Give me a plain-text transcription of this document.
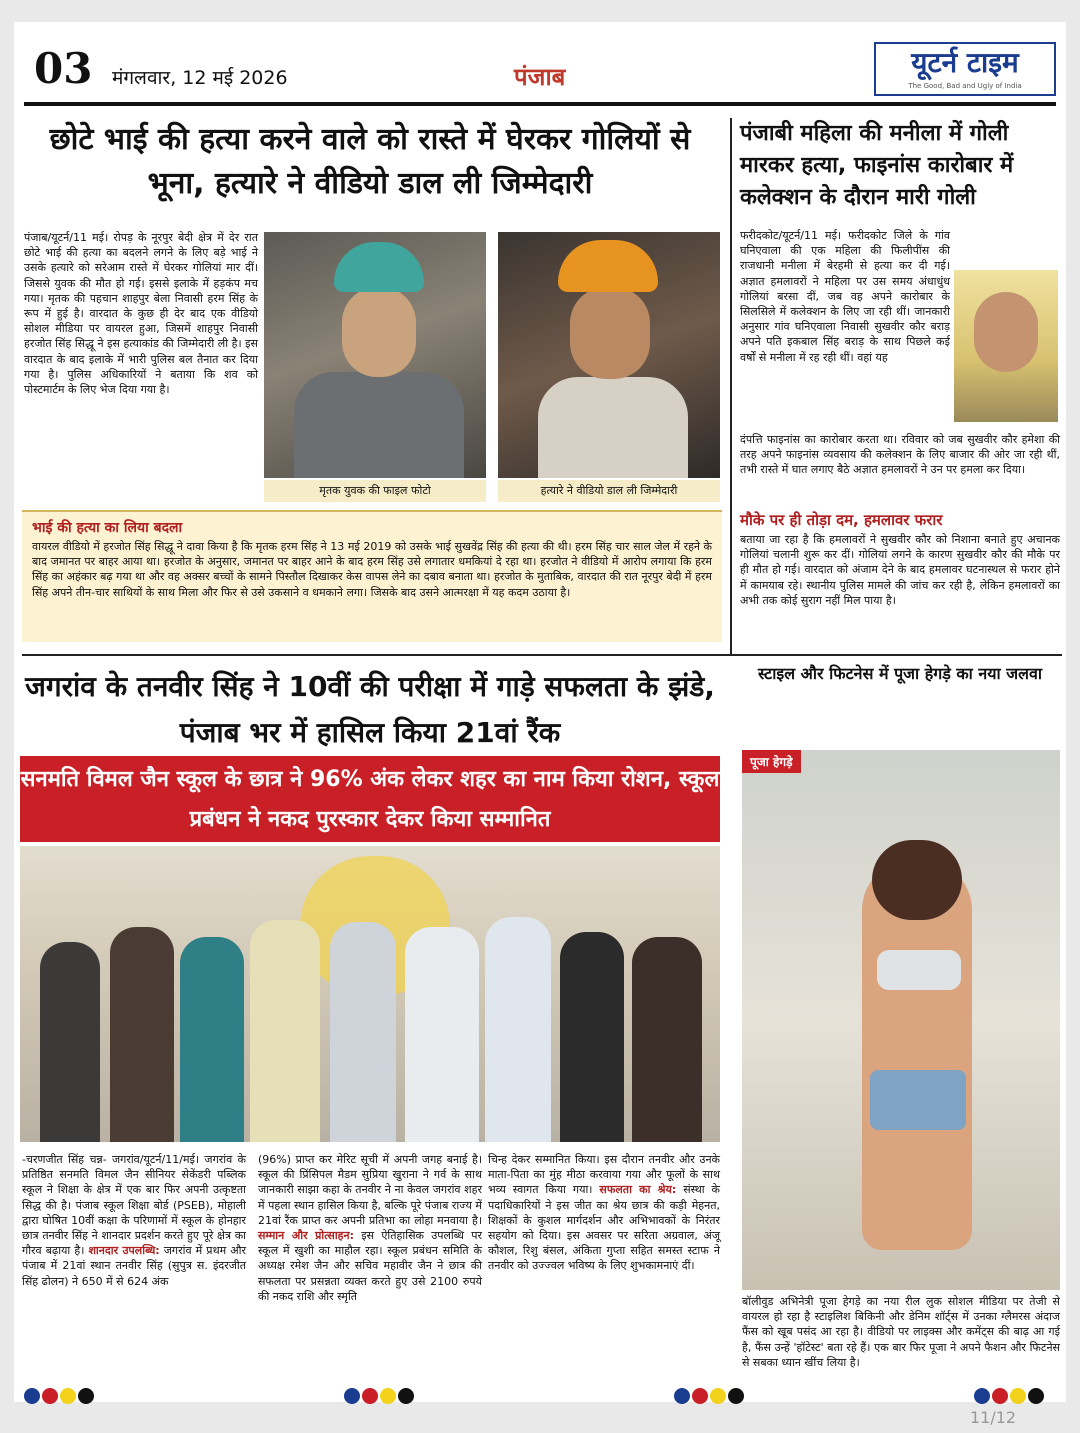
03 मंगलवार, 12 मई 2026	पंजाब	यूटर्न टाइम
The Good, Bad and Ugly of India
छोटे भाई की हत्या करने वाले को रास्ते में घेरकर गोलियों से भूना, हत्यारे ने वीडियो डाल ली जिम्मेदारी
पंजाब/यूटर्न/11 मई। रोपड़ के नूरपुर बेदी क्षेत्र में देर रात छोटे भाई की हत्या का बदलने लगने के लिए बड़े भाई ने उसके हत्यारे को सरेआम रास्ते में घेरकर गोलियां मार दीं। जिससे युवक की मौत हो गई। इससे इलाके में हड़कंप मच गया। मृतक की पहचान शाहपुर बेला निवासी हरम सिंह के रूप में हुई है। वारदात के कुछ ही देर बाद एक वीडियो सोशल मीडिया पर वायरल हुआ, जिसमें शाहपुर निवासी हरजोत सिंह सिद्धू ने इस हत्याकांड की जिम्मेदारी ली है। इस वारदात के बाद इलाके में भारी पुलिस बल तैनात कर दिया गया है। पुलिस अधिकारियों ने बताया कि शव को पोस्टमार्टम के लिए भेज दिया गया है।
मृतक युवक की फाइल फोटो	हत्यारे ने वीडियो डाल ली जिम्मेदारी
भाई की हत्या का लिया बदला
वायरल वीडियो में हरजोत सिंह सिद्धू ने दावा किया है कि मृतक हरम सिंह ने 13 मई 2019 को उसके भाई सुखवेंद्र सिंह की हत्या की थी। हरम सिंह चार साल जेल में रहने के बाद जमानत पर बाहर आया था। हरजोत के अनुसार, जमानत पर बाहर आने के बाद हरम सिंह उसे लगातार धमकियां दे रहा था। हरजोत ने वीडियो में आरोप लगाया कि हरम सिंह का अहंकार बढ़ गया था और वह अक्सर बच्चों के सामने पिस्तौल दिखाकर केस वापस लेने का दबाव बनाता था। हरजोत के मुताबिक, वारदात की रात नूरपुर बेदी में हरम सिंह अपने तीन-चार साथियों के साथ मिला और फिर से उसे उकसाने व धमकाने लगा। जिसके बाद उसने आत्मरक्षा में यह कदम उठाया है।
पंजाबी महिला की मनीला में गोली मारकर हत्या, फाइनांस कारोबार में कलेक्शन के दौरान मारी गोली
फरीदकोट/यूटर्न/11 मई। फरीदकोट जिले के गांव घनिएवाला की एक महिला की फिलीपींस की राजधानी मनीला में बेरहमी से हत्या कर दी गई। अज्ञात हमलावरों ने महिला पर उस समय अंधाधुंध गोलियां बरसा दीं, जब वह अपने कारोबार के सिलसिले में कलेक्शन के लिए जा रही थीं। जानकारी अनुसार गांव घनिएवाला निवासी सुखवीर कौर बराड़ अपने पति इकबाल सिंह बराड़ के साथ पिछले कई वर्षों से मनीला में रह रही थीं। वहां यह
दंपत्ति फाइनांस का कारोबार करता था। रविवार को जब सुखवीर कौर हमेशा की तरह अपने फाइनांस व्यवसाय की कलेक्शन के लिए बाजार की ओर जा रही थीं, तभी रास्ते में घात लगाए बैठे अज्ञात हमलावरों ने उन पर हमला कर दिया।
मौके पर ही तोड़ा दम, हमलावर फरार
बताया जा रहा है कि हमलावरों ने सुखवीर कौर को निशाना बनाते हुए अचानक गोलियां चलानी शुरू कर दीं। गोलियां लगने के कारण सुखवीर कौर की मौके पर ही मौत हो गई। वारदात को अंजाम देने के बाद हमलावर घटनास्थल से फरार होने में कामयाब रहे। स्थानीय पुलिस मामले की जांच कर रही है, लेकिन हमलावरों का अभी तक कोई सुराग नहीं मिल पाया है।
जगरांव के तनवीर सिंह ने 10वीं की परीक्षा में गाड़े सफलता के झंडे, पंजाब भर में हासिल किया 21वां रैंक
सनमति विमल जैन स्कूल के छात्र ने 96% अंक लेकर शहर का नाम किया रोशन, स्कूल प्रबंधन ने नकद पुरस्कार देकर किया सम्मानित
-चरणजीत सिंह चन्न- जगरांव/यूटर्न/11/मई। जगरांव के प्रतिष्ठित सनमति विमल जैन सीनियर सेकेंडरी पब्लिक स्कूल ने शिक्षा के क्षेत्र में एक बार फिर अपनी उत्कृष्टता सिद्ध की है। पंजाब स्कूल शिक्षा बोर्ड (PSEB), मोहाली द्वारा घोषित 10वीं कक्षा के परिणामों में स्कूल के होनहार छात्र तनवीर सिंह ने शानदार प्रदर्शन करते हुए पूरे क्षेत्र का गौरव बढ़ाया है। शानदार उपलब्धि: जगरांव में प्रथम और पंजाब में 21वां स्थान तनवीर सिंह (सुपुत्र स. इंदरजीत सिंह ढोलन) ने 650 में से 624 अंक
(96%) प्राप्त कर मेरिट सूची में अपनी जगह बनाई है। स्कूल की प्रिंसिपल मैडम सुप्रिया खुराना ने गर्व के साथ जानकारी साझा कहा के तनवीर ने ना केवल जगरांव शहर में पहला स्थान हासिल किया है, बल्कि पूरे पंजाब राज्य में 21वां रैंक प्राप्त कर अपनी प्रतिभा का लोहा मनवाया है। सम्मान और प्रोत्साहन: इस ऐतिहासिक उपलब्धि पर स्कूल में खुशी का माहौल रहा। स्कूल प्रबंधन समिति के अध्यक्ष रमेश जैन और सचिव महावीर जैन ने छात्र की सफलता पर प्रसन्नता व्यक्त करते हुए उसे 2100 रुपये की नकद राशि और स्मृति
चिन्ह देकर सम्मानित किया। इस दौरान तनवीर और उनके माता-पिता का मुंह मीठा करवाया गया और फूलों के साथ भव्य स्वागत किया गया। सफलता का श्रेय: संस्था के पदाधिकारियों ने इस जीत का श्रेय छात्र की कड़ी मेहनत, शिक्षकों के कुशल मार्गदर्शन और अभिभावकों के निरंतर सहयोग को दिया। इस अवसर पर सरिता अग्रवाल, अंजू कौशल, रिशु बंसल, अंकिता गुप्ता सहित समस्त स्टाफ ने तनवीर को उज्ज्वल भविष्य के लिए शुभकामनाएं दीं।
स्टाइल और फिटनेस में पूजा हेगड़े का नया जलवा
पूजा हेगड़े
बॉलीवुड अभिनेत्री पूजा हेगड़े का नया रील लुक सोशल मीडिया पर तेजी से वायरल हो रहा है स्टाइलिश बिकिनी और डेनिम शॉर्ट्स में उनका ग्लैमरस अंदाज फैंस को खूब पसंद आ रहा है। वीडियो पर लाइक्स और कमेंट्स की बाढ़ आ गई है, फैंस उन्हें 'हॉटेस्ट' बता रहे हैं। एक बार फिर पूजा ने अपने फैशन और फिटनेस से सबका ध्यान खींच लिया है।
11/12
